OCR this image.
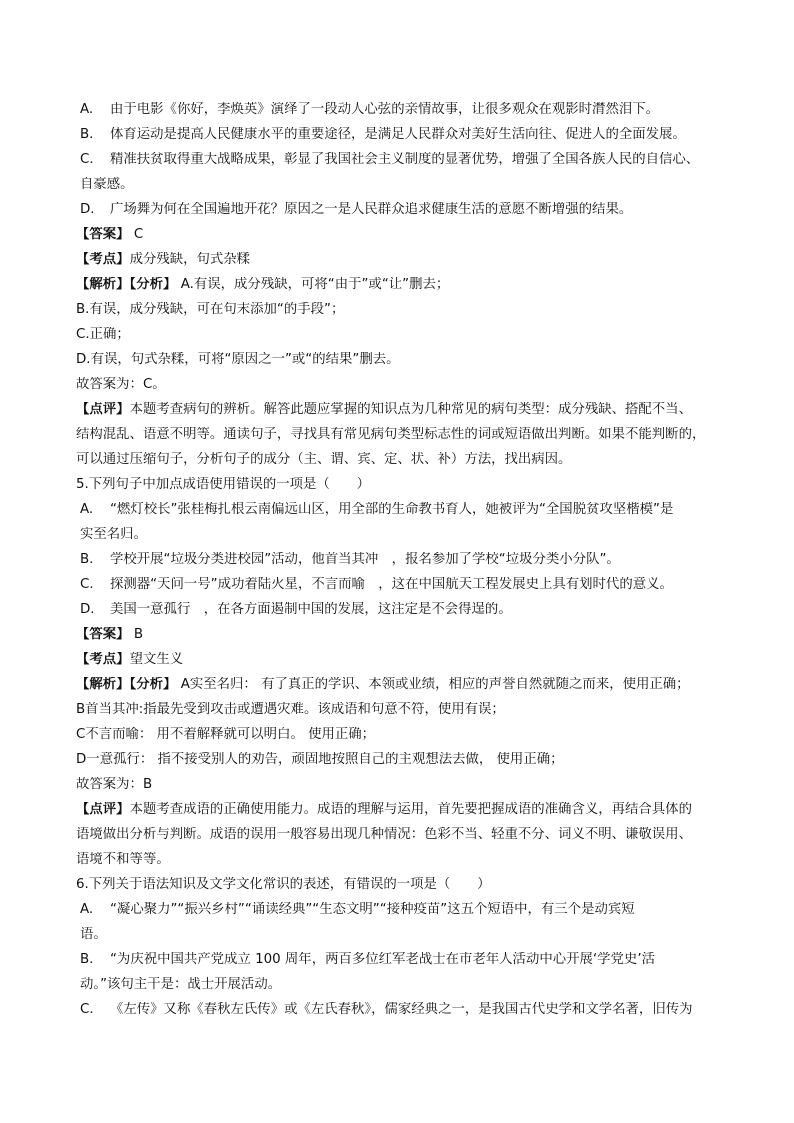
A. 由于电影《你好，李焕英》演绎了一段动人心弦的亲情故事，让很多观众在观影时潸然泪下。
B. 体育运动是提高人民健康水平的重要途径，是满足人民群众对美好生活向往、促进人的全面发展。
C. 精准扶贫取得重大战略成果，彰显了我国社会主义制度的显著优势，增强了全国各族人民的自信心、
自豪感。
D. 广场舞为何在全国遍地开花？原因之一是人民群众追求健康生活的意愿不断增强的结果。
【答案】 C
【考点】成分残缺，句式杂糅
【解析】【分析】 A.有误，成分残缺，可将“由于”或“让”删去；
B.有误，成分残缺，可在句末添加“的手段”；
C.正确；
D.有误，句式杂糅，可将“原因之一”或“的结果”删去。
故答案为：C。
【点评】本题考查病句的辨析。解答此题应掌握的知识点为几种常见的病句类型：成分残缺、搭配不当、
结构混乱、语意不明等。通读句子，寻找具有常见病句类型标志性的词或短语做出判断。如果不能判断的，
可以通过压缩句子，分析句子的成分（主、谓、宾、定、状、补）方法，找出病因。
5.下列句子中加点成语使用错误的一项是（　　）
A. “燃灯校长”张桂梅扎根云南偏远山区，用全部的生命教书育人，她被评为“全国脱贫攻坚楷模”是
实至名归。
B. 学校开展“垃圾分类进校园”活动，他首当其冲　，报名参加了学校“垃圾分类小分队”。
C. 探测器“天问一号”成功着陆火星，不言而喻　，这在中国航天工程发展史上具有划时代的意义。
D. 美国一意孤行　，在各方面遏制中国的发展，这注定是不会得逞的。
【答案】 B
【考点】望文生义
【解析】【分析】 A实至名归： 有了真正的学识、本领或业绩，相应的声誉自然就随之而来，使用正确；
B首当其冲:指最先受到攻击或遭遇灾难。该成语和句意不符，使用有误；
C不言而喻： 用不着解释就可以明白。 使用正确；
D一意孤行： 指不接受别人的劝告，顽固地按照自己的主观想法去做， 使用正确；
故答案为：B
【点评】本题考查成语的正确使用能力。成语的理解与运用，首先要把握成语的准确含义，再结合具体的
语境做出分析与判断。成语的误用一般容易出现几种情况：色彩不当、轻重不分、词义不明、谦敬误用、
语境不和等等。
6.下列关于语法知识及文学文化常识的表述，有错误的一项是（　　）
A. “凝心聚力”“振兴乡村”“诵读经典”“生态文明”“接种疫苗”这五个短语中，有三个是动宾短
语。
B. “为庆祝中国共产党成立 100 周年，两百多位红军老战士在市老年人活动中心开展‘学党史’活
动。”该句主干是：战士开展活动。
C. 《左传》又称《春秋左氏传》或《左氏春秋》，儒家经典之一，是我国古代史学和文学名著，旧传为
